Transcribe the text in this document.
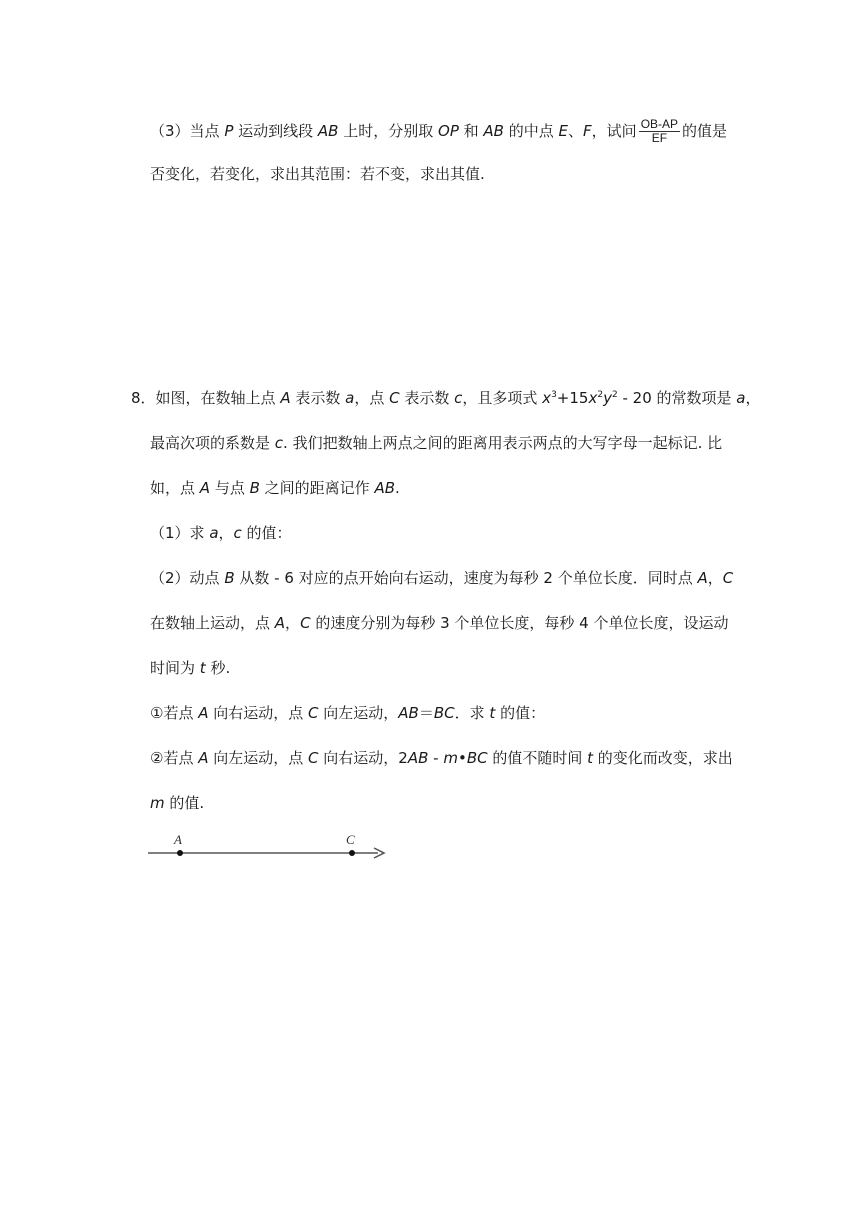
（3）当点 P 运动到线段 AB 上时，分别取 OP 和 AB 的中点 E、F，试问 $\frac{OB-AP}{EF}$ 的值是
否变化，若变化，求出其范围：若不变，求出其值.
8．如图，在数轴上点 A 表示数 a，点 C 表示数 c，且多项式 $x^3+15x^2y^2 - 20$ 的常数项是 a，
最高次项的系数是 c. 我们把数轴上两点之间的距离用表示两点的大写字母一起标记. 比
如，点 A 与点 B 之间的距离记作 AB.
（1）求 a，c 的值：
（2）动点 B 从数 - 6 对应的点开始向右运动，速度为每秒 2 个单位长度．同时点 A，C
在数轴上运动，点 A，C 的速度分别为每秒 3 个单位长度，每秒 4 个单位长度，设运动
时间为 t 秒.
①若点 A 向右运动，点 C 向左运动，AB＝BC．求 t 的值：
②若点 A 向左运动，点 C 向右运动，2AB - m•BC 的值不随时间 t 的变化而改变，求出
m 的值.
A	C
